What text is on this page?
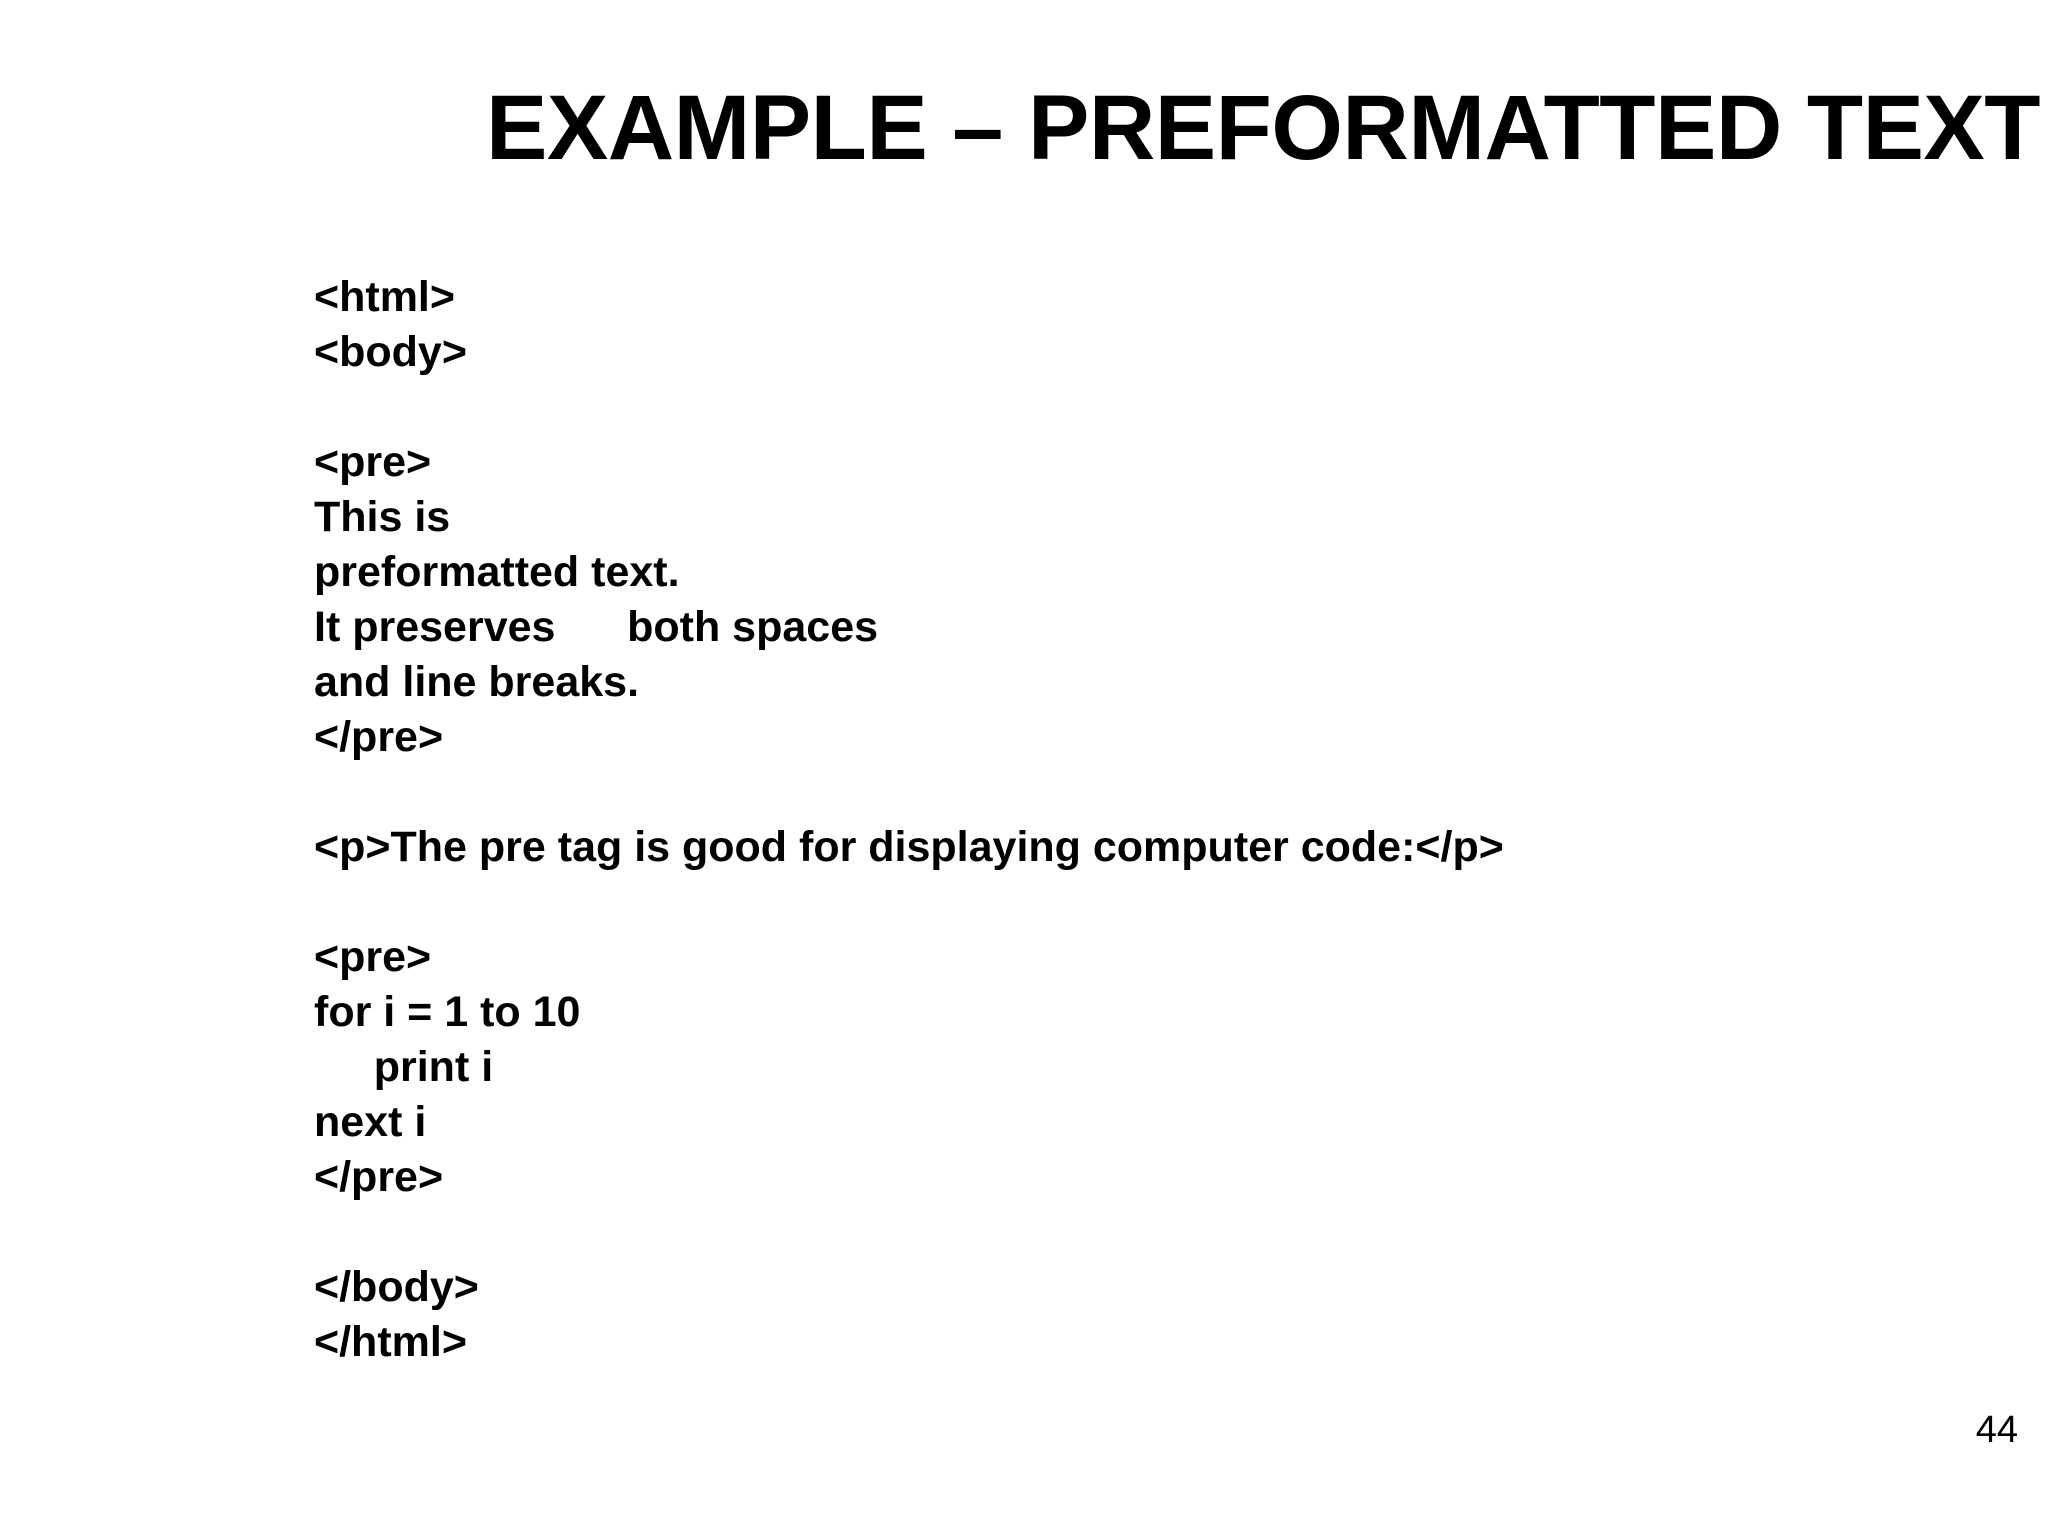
EXAMPLE – PREFORMATTED TEXT
<html>
<body>
<pre>
This is
preformatted text.
It preserves      both spaces
and line breaks.
</pre>
<p>The pre tag is good for displaying computer code:</p>
<pre>
for i = 1 to 10
print i
next i
</pre>
</body>
</html>
44
